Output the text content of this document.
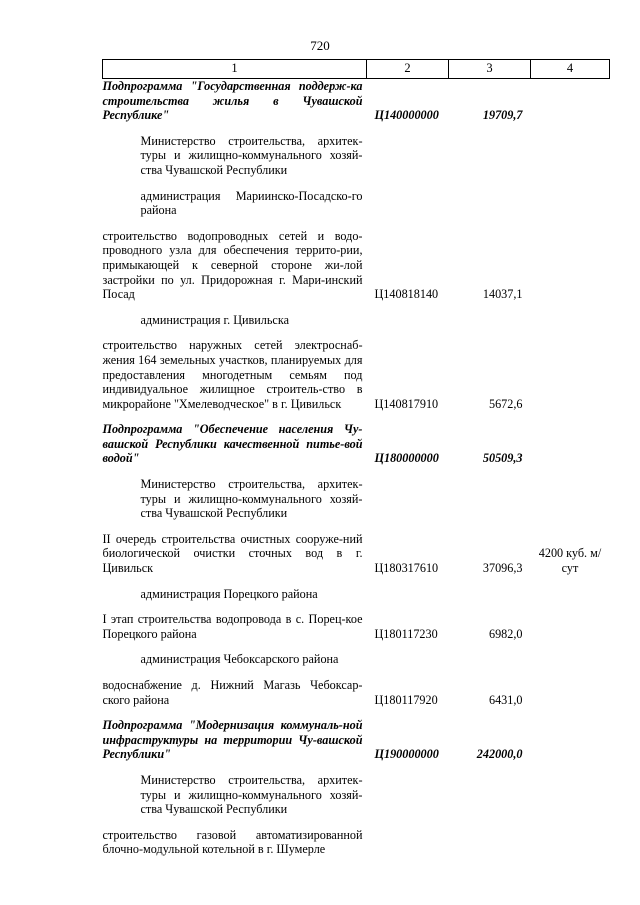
720
1	2	3	4
Подпрограмма "Государственная поддерж-ка строительства жилья в Чувашской Республике"	Ц140000000	19709,7	

Министерство строительства, архитек-туры и жилищно-коммунального хозяй-ства Чувашской Республики			

администрация Мариинско-Посадско-го района			

строительство водопроводных сетей и водо-проводного узла для обеспечения террито-рии, примыкающей к северной стороне жи-лой застройки по ул. Придорожная г. Мари-инский Посад	Ц140818140	14037,1	

администрация г. Цивильска			

строительство наружных сетей электроснаб-жения 164 земельных участков, планируемых для предоставления многодетным семьям под индивидуальное жилищное строитель-ство в микрорайоне "Хмелеводческое" в г. Цивильск	Ц140817910	5672,6	

Подпрограмма "Обеспечение населения Чу-вашской Республики качественной питье-вой водой"	Ц180000000	50509,3	

Министерство строительства, архитек-туры и жилищно-коммунального хозяй-ства Чувашской Республики			

II очередь строительства очистных сооруже-ний биологической очистки сточных вод в г. Цивильск	Ц180317610	37096,3	4200 куб. м/сут

администрация Порецкого района			

I этап строительства водопровода в с. Порец-кое Порецкого района	Ц180117230	6982,0	

администрация Чебоксарского района			

водоснабжение д. Нижний Магазь Чебоксар-ского района	Ц180117920	6431,0	

Подпрограмма "Модернизация коммуналь-ной инфраструктуры на территории Чу-вашской Республики"	Ц190000000	242000,0	

Министерство строительства, архитек-туры и жилищно-коммунального хозяй-ства Чувашской Республики			

строительство газовой автоматизированной блочно-модульной котельной в г. Шумерле			
